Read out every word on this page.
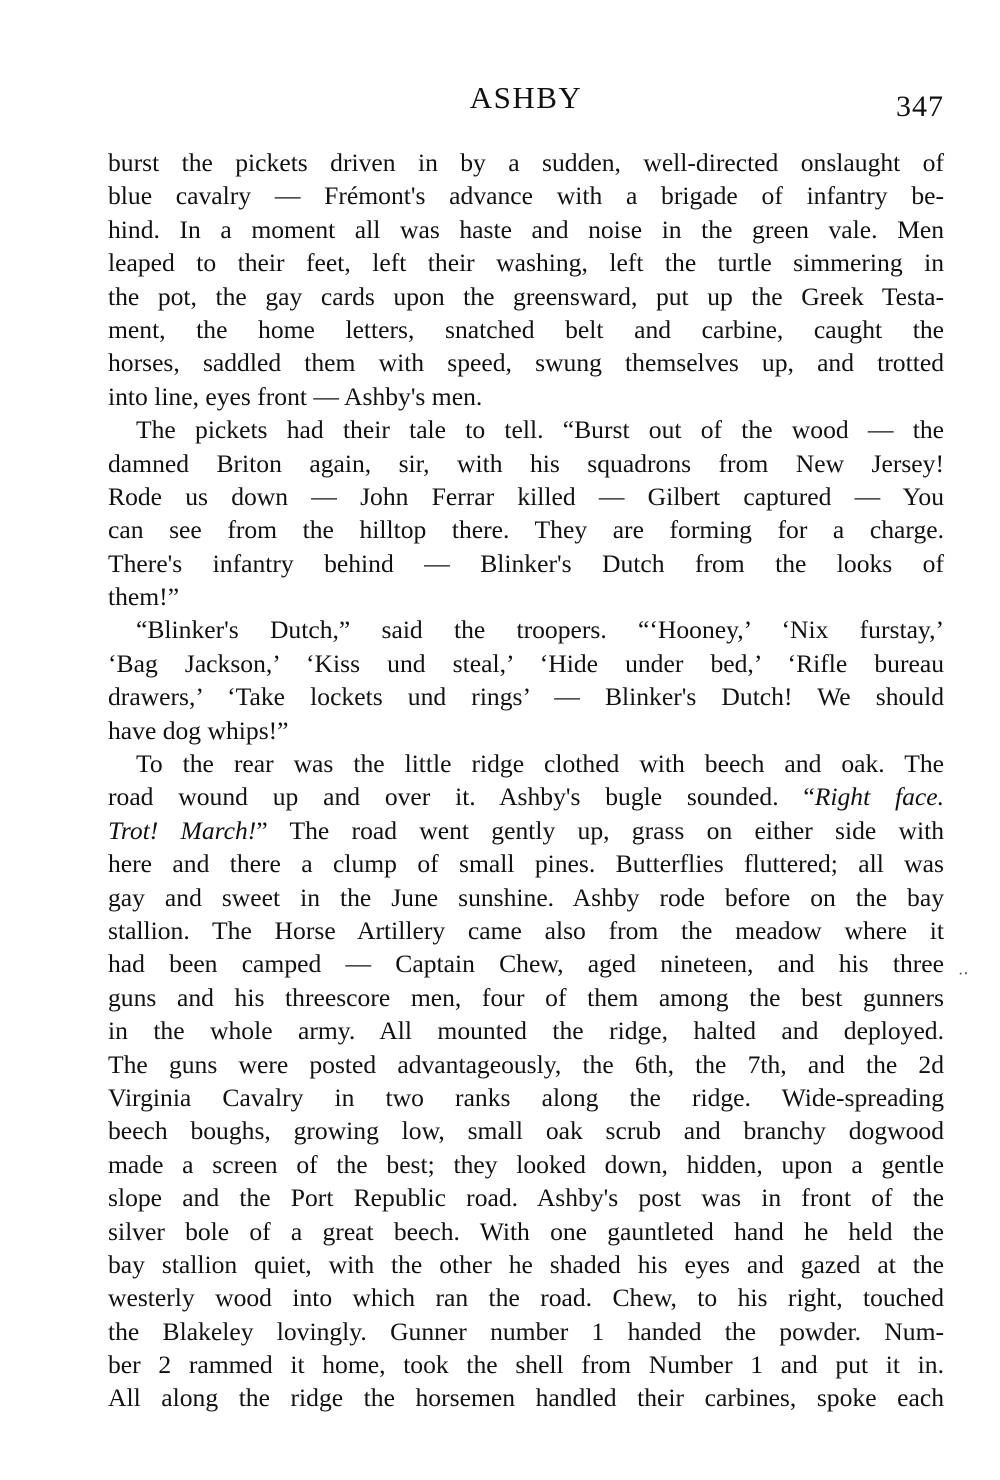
ASHBY	347
burst the pickets driven in by a sudden, well-directed onslaught of
blue cavalry — Frémont's advance with a brigade of infantry be-
hind. In a moment all was haste and noise in the green vale. Men
leaped to their feet, left their washing, left the turtle simmering in
the pot, the gay cards upon the greensward, put up the Greek Testa-
ment, the home letters, snatched belt and carbine, caught the
horses, saddled them with speed, swung themselves up, and trotted
into line, eyes front — Ashby's men.
The pickets had their tale to tell. “Burst out of the wood — the
damned Briton again, sir, with his squadrons from New Jersey!
Rode us down — John Ferrar killed — Gilbert captured — You
can see from the hilltop there. They are forming for a charge.
There's infantry behind — Blinker's Dutch from the looks of
them!”
“Blinker's Dutch,” said the troopers. “‘Hooney,’ ‘Nix furstay,’
‘Bag Jackson,’ ‘Kiss und steal,’ ‘Hide under bed,’ ‘Rifle bureau
drawers,’ ‘Take lockets und rings’ — Blinker's Dutch! We should
have dog whips!”
To the rear was the little ridge clothed with beech and oak. The
road wound up and over it. Ashby's bugle sounded. “Right face.
Trot! March!” The road went gently up, grass on either side with
here and there a clump of small pines. Butterflies fluttered; all was
gay and sweet in the June sunshine. Ashby rode before on the bay
stallion. The Horse Artillery came also from the meadow where it
had been camped — Captain Chew, aged nineteen, and his three
guns and his threescore men, four of them among the best gunners
in the whole army. All mounted the ridge, halted and deployed.
The guns were posted advantageously, the 6th, the 7th, and the 2d
Virginia Cavalry in two ranks along the ridge. Wide-spreading
beech boughs, growing low, small oak scrub and branchy dogwood
made a screen of the best; they looked down, hidden, upon a gentle
slope and the Port Republic road. Ashby's post was in front of the
silver bole of a great beech. With one gauntleted hand he held the
bay stallion quiet, with the other he shaded his eyes and gazed at the
westerly wood into which ran the road. Chew, to his right, touched
the Blakeley lovingly. Gunner number 1 handed the powder. Num-
ber 2 rammed it home, took the shell from Number 1 and put it in.
All along the ridge the horsemen handled their carbines, spoke each
·‧
